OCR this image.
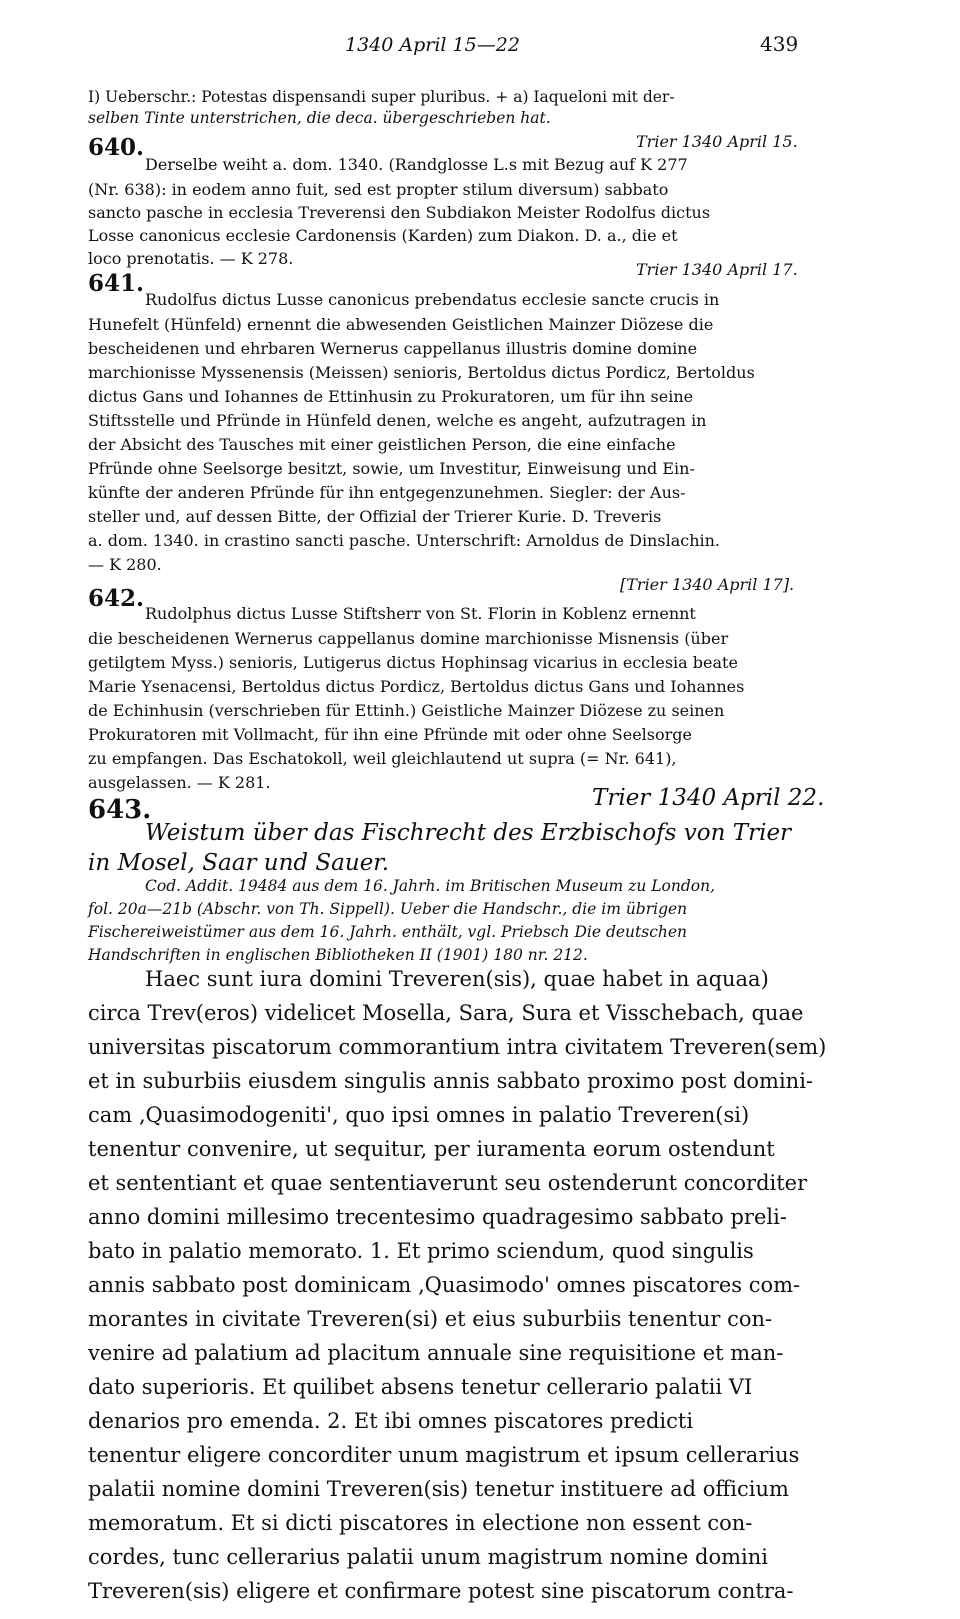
1340 April 15—22	439
I) Ueberschr.: Potestas dispensandi super pluribus. + a) Iaqueloni mit der-
selben Tinte unterstrichen, die deca. übergeschrieben hat.
Trier 1340 April 15.
640.
Derselbe weiht a. dom. 1340. (Randglosse L.s mit Bezug auf K 277
(Nr. 638): in eodem anno fuit, sed est propter stilum diversum) sabbato
sancto pasche in ecclesia Treverensi den Subdiakon Meister Rodolfus dictus
Losse canonicus ecclesie Cardonensis (Karden) zum Diakon. D. a., die et
loco prenotatis. — K 278.
Trier 1340 April 17.
641.
Rudolfus dictus Lusse canonicus prebendatus ecclesie sancte crucis in
Hunefelt (Hünfeld) ernennt die abwesenden Geistlichen Mainzer Diözese die
bescheidenen und ehrbaren Wernerus cappellanus illustris domine domine
marchionisse Myssenensis (Meissen) senioris, Bertoldus dictus Pordicz, Bertoldus
dictus Gans und Iohannes de Ettinhusin zu Prokuratoren, um für ihn seine
Stiftsstelle und Pfründe in Hünfeld denen, welche es angeht, aufzutragen in
der Absicht des Tausches mit einer geistlichen Person, die eine einfache
Pfründe ohne Seelsorge besitzt, sowie, um Investitur, Einweisung und Ein-
künfte der anderen Pfründe für ihn entgegenzunehmen. Siegler: der Aus-
steller und, auf dessen Bitte, der Offizial der Trierer Kurie. D. Treveris
a. dom. 1340. in crastino sancti pasche. Unterschrift: Arnoldus de Dinslachin.
— K 280.
[Trier 1340 April 17].
642.
Rudolphus dictus Lusse Stiftsherr von St. Florin in Koblenz ernennt
die bescheidenen Wernerus cappellanus domine marchionisse Misnensis (über
getilgtem Myss.) senioris, Lutigerus dictus Hophinsag vicarius in ecclesia beate
Marie Ysenacensi, Bertoldus dictus Pordicz, Bertoldus dictus Gans und Iohannes
de Echinhusin (verschrieben für Ettinh.) Geistliche Mainzer Diözese zu seinen
Prokuratoren mit Vollmacht, für ihn eine Pfründe mit oder ohne Seelsorge
zu empfangen. Das Eschatokoll, weil gleichlautend ut supra (= Nr. 641),
ausgelassen. — K 281.
Trier 1340 April 22.
643.
Weistum über das Fischrecht des Erzbischofs von Trier
in Mosel, Saar und Sauer.
Cod. Addit. 19484 aus dem 16. Jahrh. im Britischen Museum zu London,
fol. 20a—21b (Abschr. von Th. Sippell). Ueber die Handschr., die im übrigen
Fischereiweistümer aus dem 16. Jahrh. enthält, vgl. Priebsch Die deutschen
Handschriften in englischen Bibliotheken II (1901) 180 nr. 212.
Haec sunt iura domini Treveren(sis), quae habet in aquaa)
circa Trev(eros) videlicet Mosella, Sara, Sura et Visschebach, quae
universitas piscatorum commorantium intra civitatem Treveren(sem)
et in suburbiis eiusdem singulis annis sabbato proximo post domini-
cam ‚Quasimodogeniti', quo ipsi omnes in palatio Treveren(si)
tenentur convenire, ut sequitur, per iuramenta eorum ostendunt
et sententiant et quae sententiaverunt seu ostenderunt concorditer
anno domini millesimo trecentesimo quadragesimo sabbato preli-
bato in palatio memorato. 1. Et primo sciendum, quod singulis
annis sabbato post dominicam ‚Quasimodo' omnes piscatores com-
morantes in civitate Treveren(si) et eius suburbiis tenentur con-
venire ad palatium ad placitum annuale sine requisitione et man-
dato superioris. Et quilibet absens tenetur cellerario palatii VI
denarios pro emenda. 2. Et ibi omnes piscatores predicti
tenentur eligere concorditer unum magistrum et ipsum cellerarius
palatii nomine domini Treveren(sis) tenetur instituere ad officium
memoratum. Et si dicti piscatores in electione non essent con-
cordes, tunc cellerarius palatii unum magistrum nomine domini
Treveren(sis) eligere et confirmare potest sine piscatorum contra-
